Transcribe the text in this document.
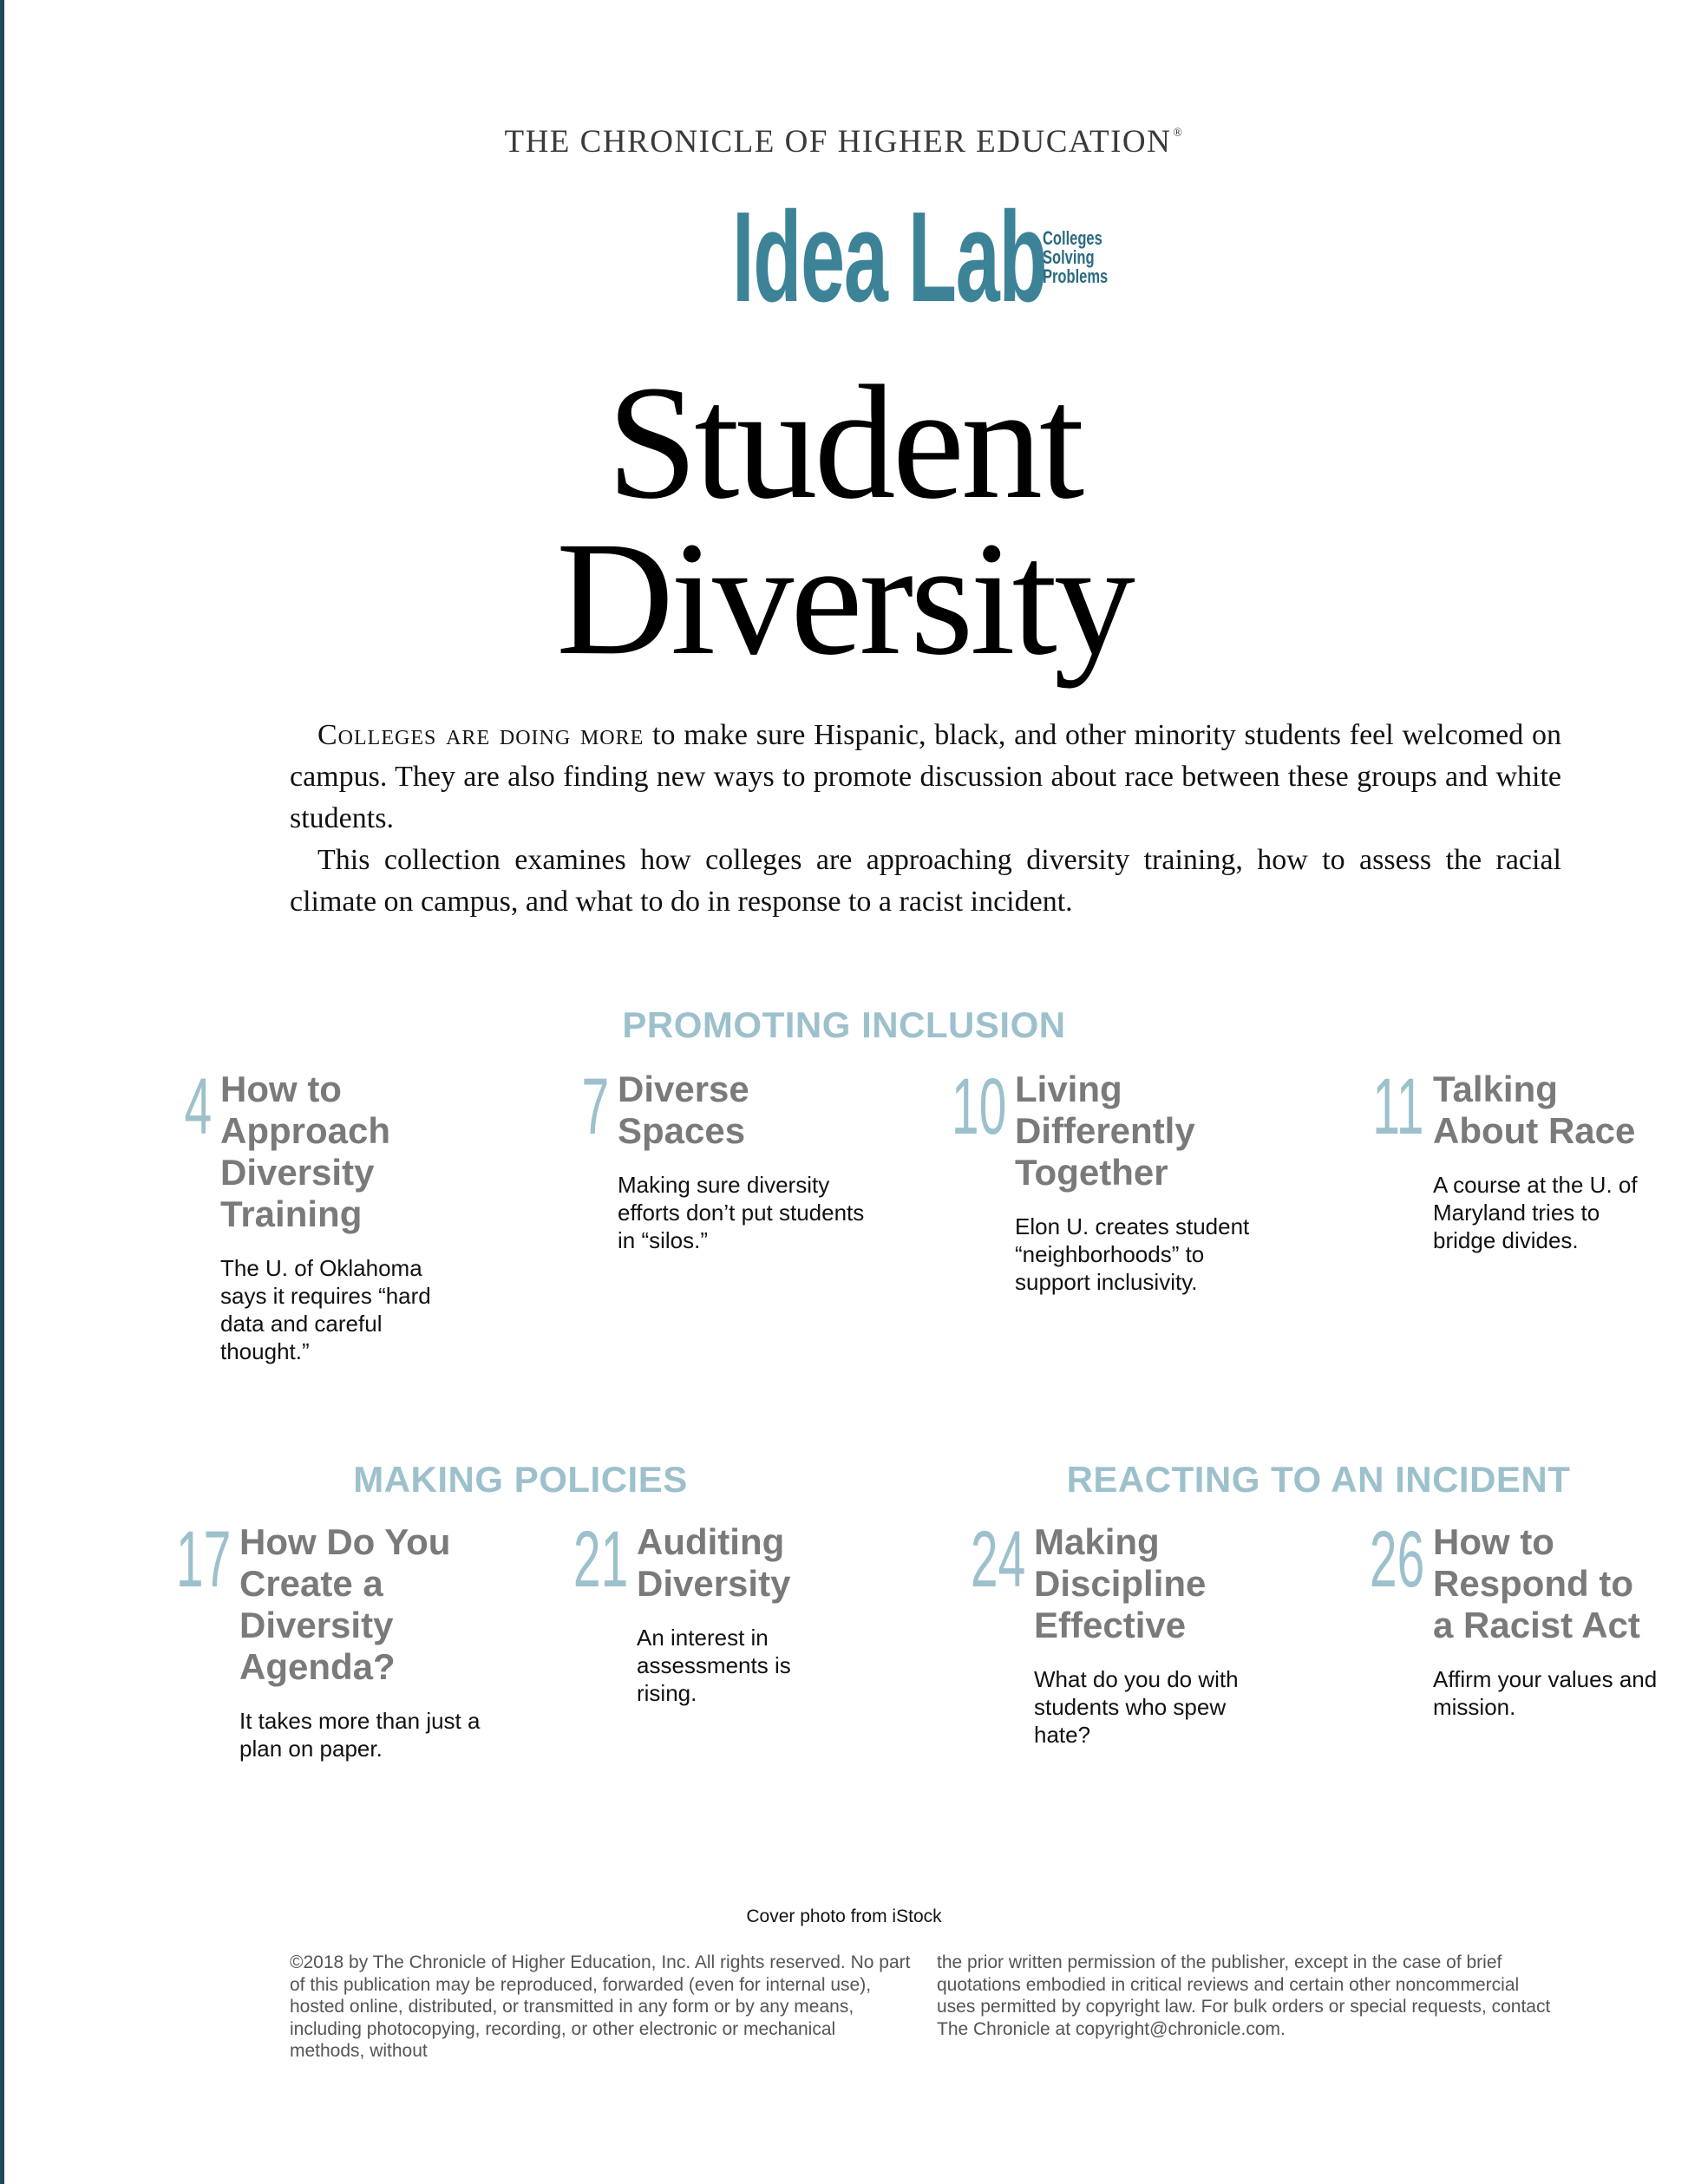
THE CHRONICLE OF HIGHER EDUCATION ®
Idea Lab
Colleges
Solving
Problems
Student
Diversity

Colleges are doing more to make sure Hispanic, black, and other minority students feel welcomed on campus. They are also finding new ways to promote discussion about race between these groups and white students.

This collection examines how colleges are approaching diversity training, how to assess the racial climate on campus, and what to do in response to a racist incident.

PROMOTING INCLUSION
4 How to Approach Diversity Training
The U. of Oklahoma says it requires “hard data and careful thought.”
7 Diverse Spaces
Making sure diversity efforts don’t put students in “silos.”
10 Living Differently Together
Elon U. creates student “neighborhoods” to support inclusivity.
11 Talking About Race
A course at the U. of Maryland tries to bridge divides.
MAKING POLICIES	REACTING TO AN INCIDENT
17 How Do You Create a Diversity Agenda?
It takes more than just a plan on paper.
21 Auditing Diversity
An interest in assessments is rising.
24 Making Discipline Effective
What do you do with students who spew hate?
26 How to Respond to a Racist Act
Affirm your values and mission.
Cover photo from iStock
©2018 by The Chronicle of Higher Education, Inc. All rights reserved. No part of this publication may be reproduced, forwarded (even for internal use), hosted online, distributed, or transmitted in any form or by any means, including photocopying, recording, or other electronic or mechanical methods, without
the prior written permission of the publisher, except in the case of brief quotations embodied in critical reviews and certain other noncommercial uses permitted by copyright law. For bulk orders or special requests, contact The Chronicle at copyright@chronicle.com.
